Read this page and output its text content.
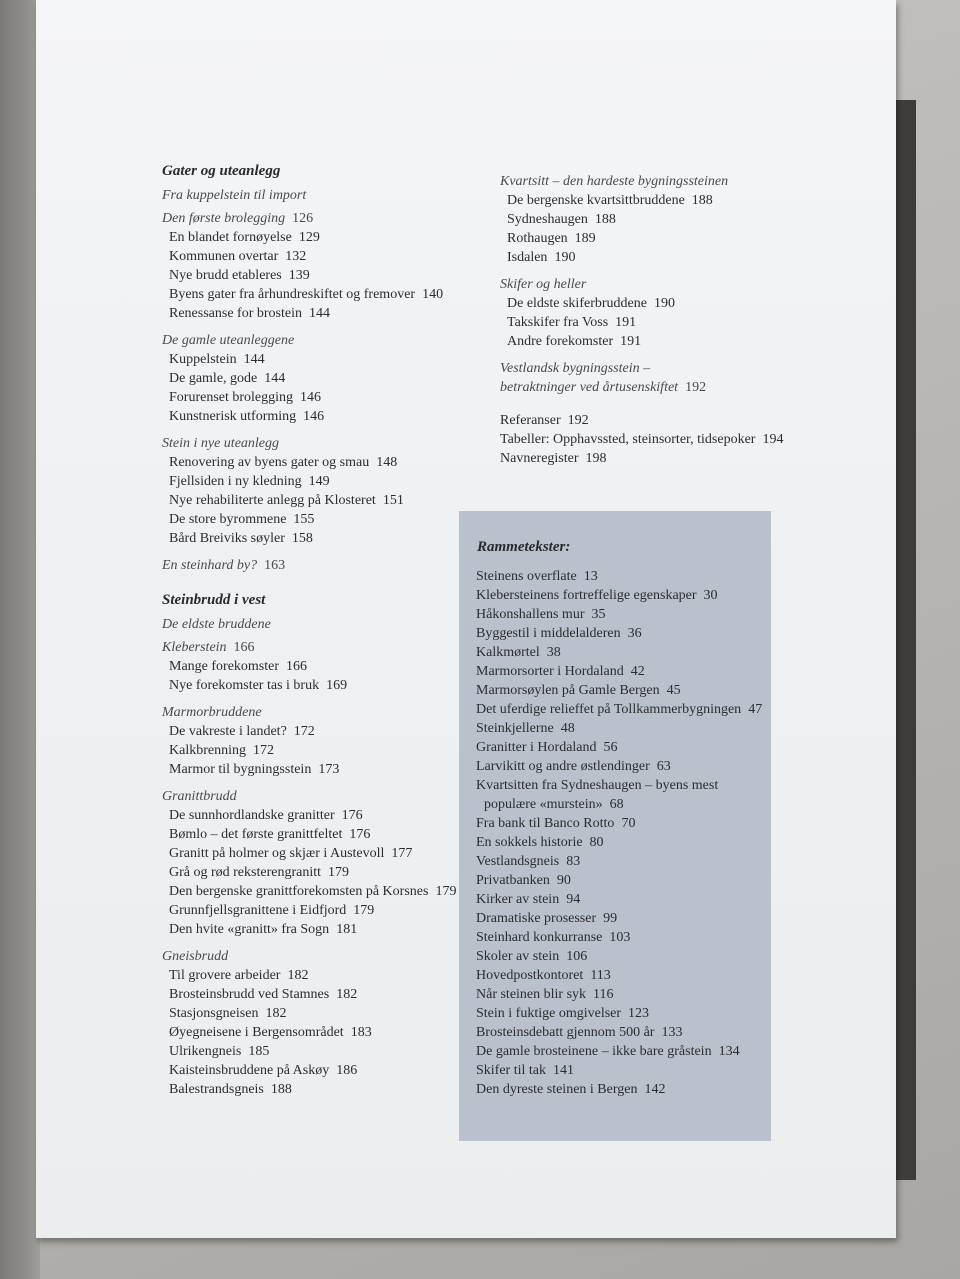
Gater og uteanlegg
Fra kuppelstein til import
Den første brolegging 126
En blandet fornøyelse 129
Kommunen overtar 132
Nye brudd etableres 139
Byens gater fra århundreskiftet og fremover 140
Renessanse for brostein 144
De gamle uteanleggene
Kuppelstein 144
De gamle, gode 144
Forurenset brolegging 146
Kunstnerisk utforming 146
Stein i nye uteanlegg
Renovering av byens gater og smau 148
Fjellsiden i ny kledning 149
Nye rehabiliterte anlegg på Klosteret 151
De store byrommene 155
Bård Breiviks søyler 158
En steinhard by? 163
Steinbrudd i vest
De eldste bruddene
Kleberstein 166
Mange forekomster 166
Nye forekomster tas i bruk 169
Marmorbruddene
De vakreste i landet? 172
Kalkbrenning 172
Marmor til bygningsstein 173
Granittbrudd
De sunnhordlandske granitter 176
Bømlo – det første granittfeltet 176
Granitt på holmer og skjær i Austevoll 177
Grå og rød reksterengranitt 179
Den bergenske granittforekomsten på Korsnes 179
Grunnfjellsgranittene i Eidfjord 179
Den hvite «granitt» fra Sogn 181
Gneisbrudd
Til grovere arbeider 182
Brosteinsbrudd ved Stamnes 182
Stasjonsgneisen 182
Øyegneisene i Bergensområdet 183
Ulrikengneis 185
Kaisteinsbruddene på Askøy 186
Balestrandsgneis 188
Kvartsitt – den hardeste bygningssteinen
De bergenske kvartsittbruddene 188
Sydneshaugen 188
Rothaugen 189
Isdalen 190
Skifer og heller
De eldste skiferbruddene 190
Takskifer fra Voss 191
Andre forekomster 191
Vestlandsk bygningsstein –
betraktninger ved årtusenskiftet 192
Referanser 192
Tabeller: Opphavssted, steinsorter, tidsepoker 194
Navneregister 198
Rammetekster:
Steinens overflate 13
Klebersteinens fortreffelige egenskaper 30
Håkonshallens mur 35
Byggestil i middelalderen 36
Kalkmørtel 38
Marmorsorter i Hordaland 42
Marmorsøylen på Gamle Bergen 45
Det uferdige relieffet på Tollkammerbygningen 47
Steinkjellerne 48
Granitter i Hordaland 56
Larvikitt og andre østlendinger 63
Kvartsitten fra Sydneshaugen – byens mest
populære «murstein» 68
Fra bank til Banco Rotto 70
En sokkels historie 80
Vestlandsgneis 83
Privatbanken 90
Kirker av stein 94
Dramatiske prosesser 99
Steinhard konkurranse 103
Skoler av stein 106
Hovedpostkontoret 113
Når steinen blir syk 116
Stein i fuktige omgivelser 123
Brosteinsdebatt gjennom 500 år 133
De gamle brosteinene – ikke bare gråstein 134
Skifer til tak 141
Den dyreste steinen i Bergen 142
